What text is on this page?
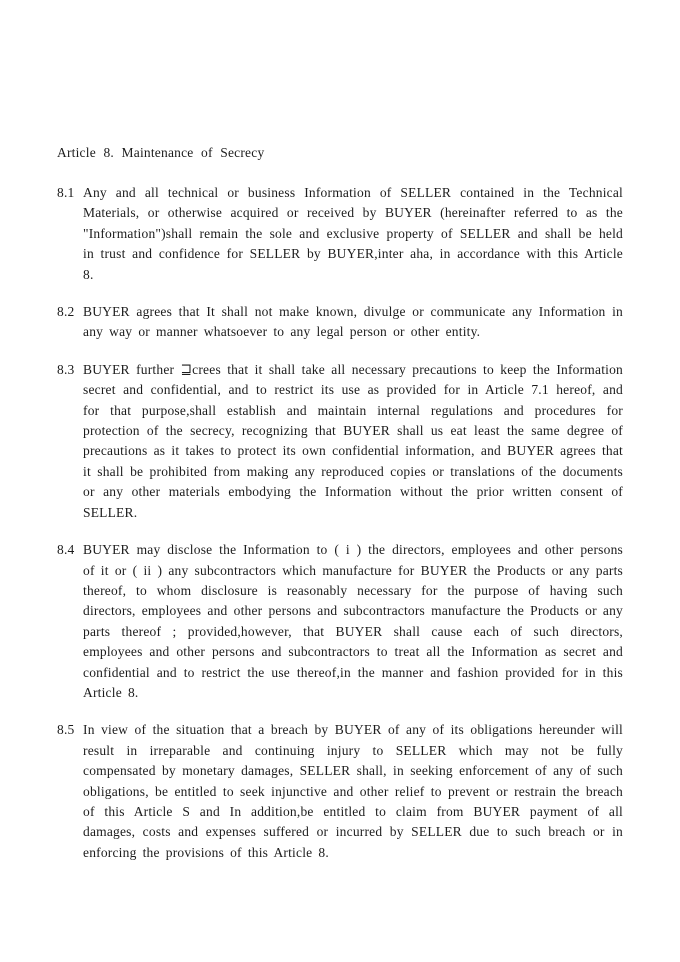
Article 8. Maintenance of Secrecy
8.1 Any and all technical or business Information of SELLER contained in the Technical Materials, or otherwise acquired or received by BUYER (hereinafter referred to as the "Information")shall remain the sole and exclusive property of SELLER and shall be held in trust and confidence for SELLER by BUYER,inter aha, in accordance with this Article 8.

8.2 BUYER agrees that It shall not make known, divulge or communicate any Information in any way or manner whatsoever to any legal person or other entity.

8.3 BUYER further ⊒crees that it shall take all necessary precautions to keep the Information secret and confidential, and to restrict its use as provided for in Article 7.1 hereof, and for that purpose,shall establish and maintain internal regulations and procedures for protection of the secrecy, recognizing that BUYER shall us eat least the same degree of precautions as it takes to protect its own confidential information, and BUYER agrees that it shall be prohibited from making any reproduced copies or translations of the documents or any other materials embodying the Information without the prior written consent of SELLER.

8.4 BUYER may disclose the Information to ( i ) the directors, employees and other persons of it or ( ii ) any subcontractors which manufacture for BUYER the Products or any parts thereof, to whom disclosure is reasonably necessary for the purpose of having such directors, employees and other persons and subcontractors manufacture the Products or any parts thereof ; provided,however, that BUYER shall cause each of such directors, employees and other persons and subcontractors to treat all the Information as secret and confidential and to restrict the use thereof,in the manner and fashion provided for in this Article 8.

8.5 In view of the situation that a breach by BUYER of any of its obligations hereunder will result in irreparable and continuing injury to SELLER which may not be fully compensated by monetary damages, SELLER shall, in seeking enforcement of any of such obligations, be entitled to seek injunctive and other relief to prevent or restrain the breach of this Article S and In addition,be entitled to claim from BUYER payment of all damages, costs and expenses suffered or incurred by SELLER due to such breach or in enforcing the provisions of this Article 8.
